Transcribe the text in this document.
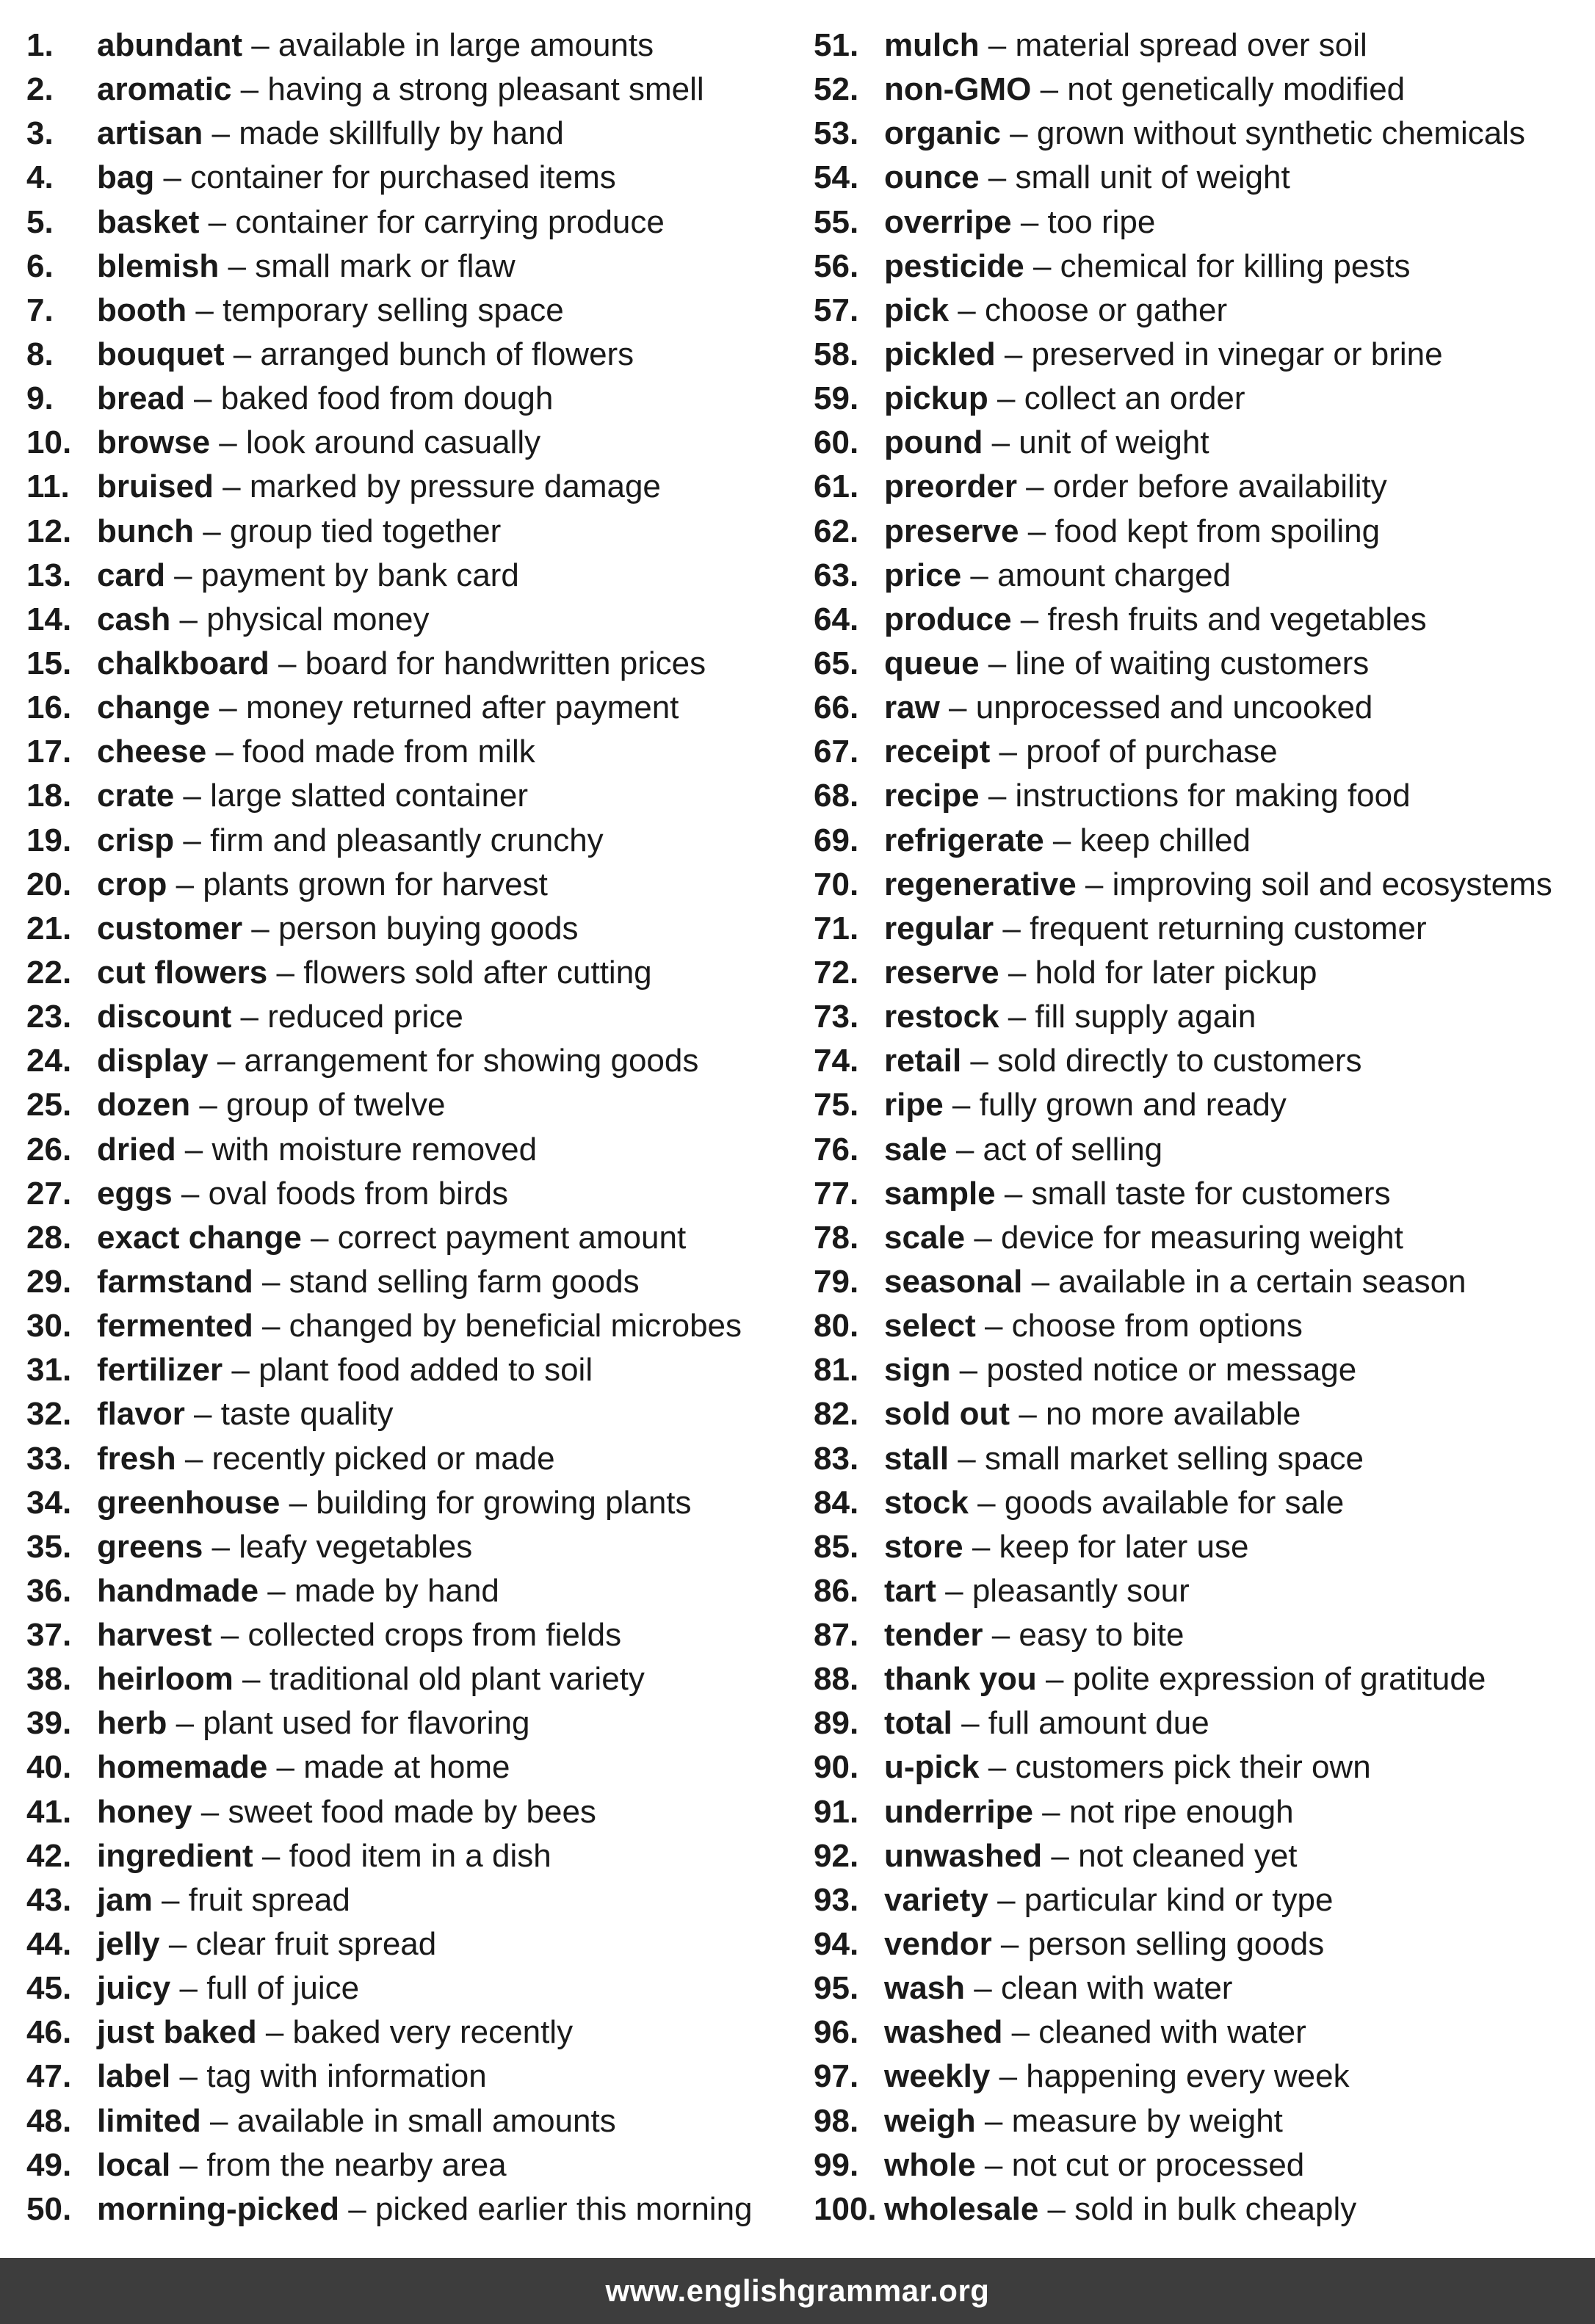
1. abundant – available in large amounts
2. aromatic – having a strong pleasant smell
3. artisan – made skillfully by hand
4. bag – container for purchased items
5. basket – container for carrying produce
6. blemish – small mark or flaw
7. booth – temporary selling space
8. bouquet – arranged bunch of flowers
9. bread – baked food from dough
10. browse – look around casually
11. bruised – marked by pressure damage
12. bunch – group tied together
13. card – payment by bank card
14. cash – physical money
15. chalkboard – board for handwritten prices
16. change – money returned after payment
17. cheese – food made from milk
18. crate – large slatted container
19. crisp – firm and pleasantly crunchy
20. crop – plants grown for harvest
21. customer – person buying goods
22. cut flowers – flowers sold after cutting
23. discount – reduced price
24. display – arrangement for showing goods
25. dozen – group of twelve
26. dried – with moisture removed
27. eggs – oval foods from birds
28. exact change – correct payment amount
29. farmstand – stand selling farm goods
30. fermented – changed by beneficial microbes
31. fertilizer – plant food added to soil
32. flavor – taste quality
33. fresh – recently picked or made
34. greenhouse – building for growing plants
35. greens – leafy vegetables
36. handmade – made by hand
37. harvest – collected crops from fields
38. heirloom – traditional old plant variety
39. herb – plant used for flavoring
40. homemade – made at home
41. honey – sweet food made by bees
42. ingredient – food item in a dish
43. jam – fruit spread
44. jelly – clear fruit spread
45. juicy – full of juice
46. just baked – baked very recently
47. label – tag with information
48. limited – available in small amounts
49. local – from the nearby area
50. morning-picked – picked earlier this morning
51. mulch – material spread over soil
52. non-GMO – not genetically modified
53. organic – grown without synthetic chemicals
54. ounce – small unit of weight
55. overripe – too ripe
56. pesticide – chemical for killing pests
57. pick – choose or gather
58. pickled – preserved in vinegar or brine
59. pickup – collect an order
60. pound – unit of weight
61. preorder – order before availability
62. preserve – food kept from spoiling
63. price – amount charged
64. produce – fresh fruits and vegetables
65. queue – line of waiting customers
66. raw – unprocessed and uncooked
67. receipt – proof of purchase
68. recipe – instructions for making food
69. refrigerate – keep chilled
70. regenerative – improving soil and ecosystems
71. regular – frequent returning customer
72. reserve – hold for later pickup
73. restock – fill supply again
74. retail – sold directly to customers
75. ripe – fully grown and ready
76. sale – act of selling
77. sample – small taste for customers
78. scale – device for measuring weight
79. seasonal – available in a certain season
80. select – choose from options
81. sign – posted notice or message
82. sold out – no more available
83. stall – small market selling space
84. stock – goods available for sale
85. store – keep for later use
86. tart – pleasantly sour
87. tender – easy to bite
88. thank you – polite expression of gratitude
89. total – full amount due
90. u-pick – customers pick their own
91. underripe – not ripe enough
92. unwashed – not cleaned yet
93. variety – particular kind or type
94. vendor – person selling goods
95. wash – clean with water
96. washed – cleaned with water
97. weekly – happening every week
98. weigh – measure by weight
99. whole – not cut or processed
100. wholesale – sold in bulk cheaply
www.englishgrammar.org
